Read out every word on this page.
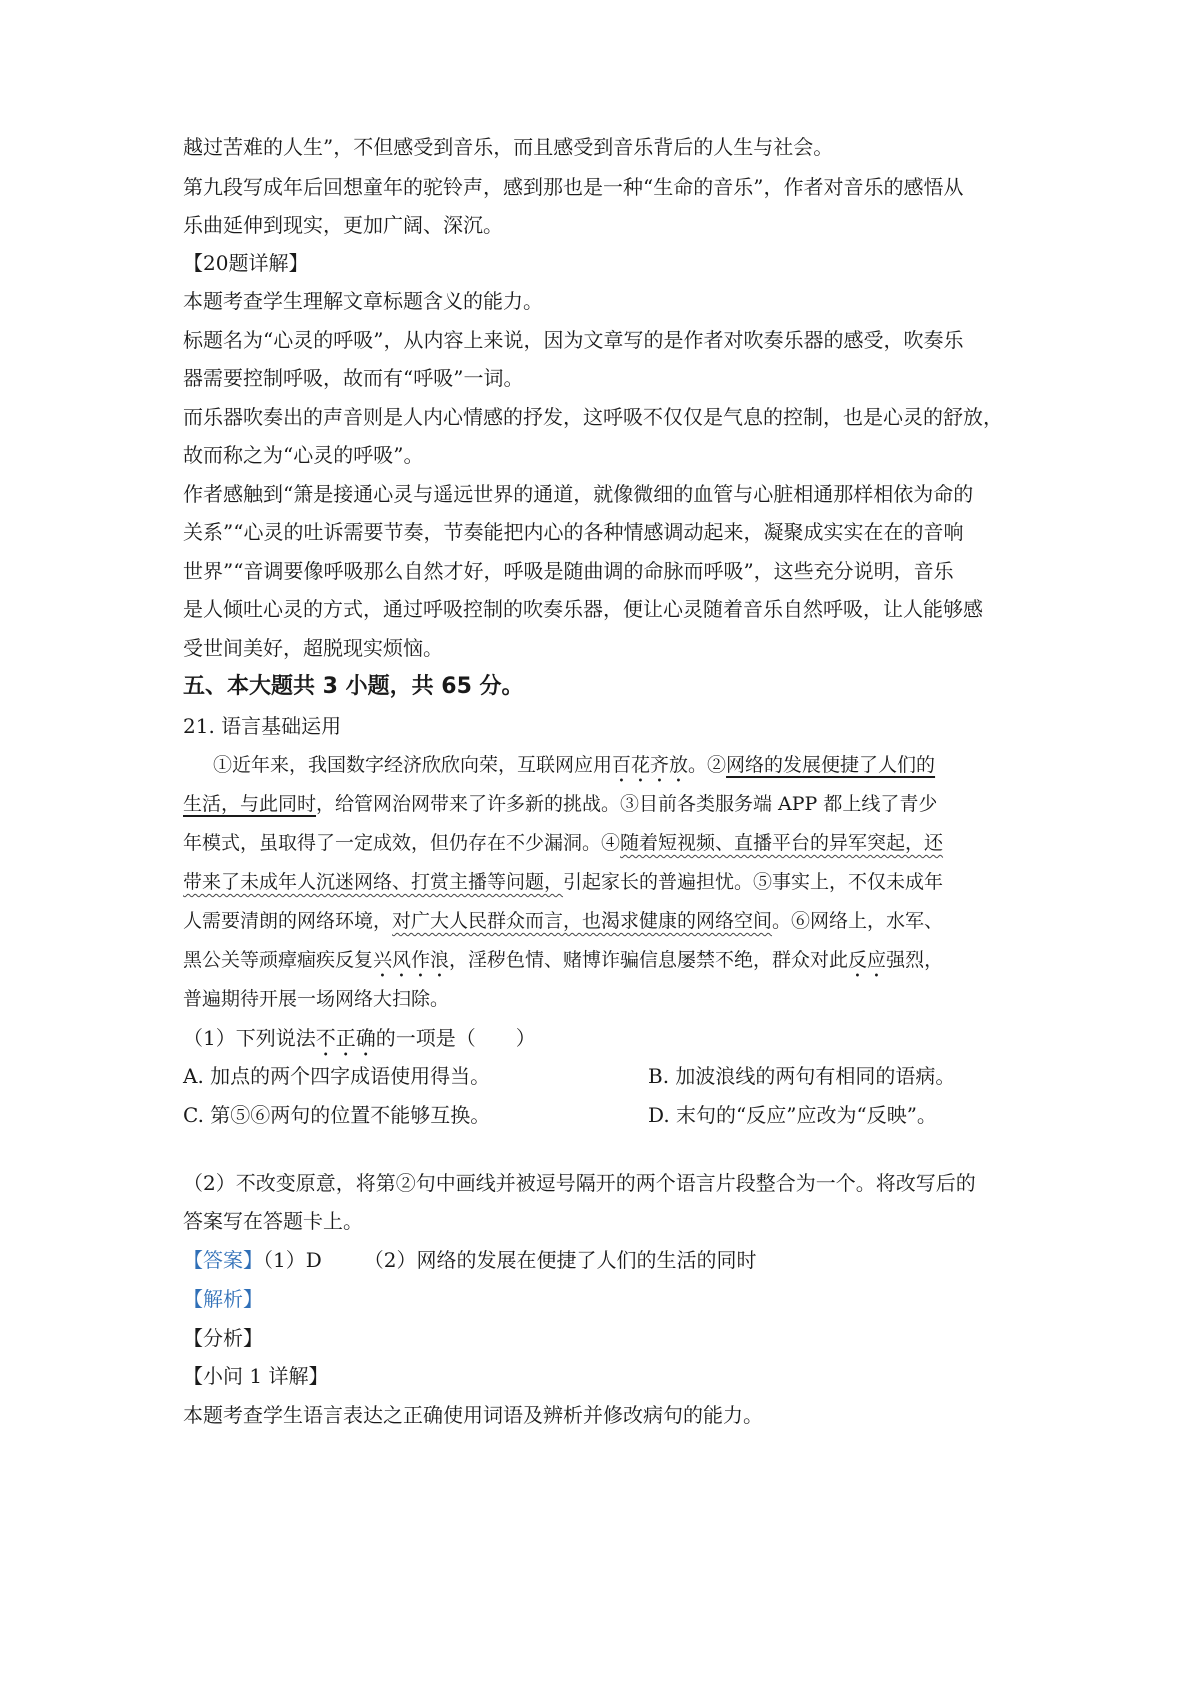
越过苦难的人生”，不但感受到音乐，而且感受到音乐背后的人生与社会。
第九段写成年后回想童年的驼铃声，感到那也是一种“生命的音乐”，作者对音乐的感悟从
乐曲延伸到现实，更加广阔、深沉。
【20题详解】
本题考查学生理解文章标题含义的能力。
标题名为“心灵的呼吸”，从内容上来说，因为文章写的是作者对吹奏乐器的感受，吹奏乐
器需要控制呼吸，故而有“呼吸”一词。
而乐器吹奏出的声音则是人内心情感的抒发，这呼吸不仅仅是气息的控制，也是心灵的舒放，
故而称之为“心灵的呼吸”。
作者感触到“箫是接通心灵与遥远世界的通道，就像微细的血管与心脏相通那样相依为命的
关系”“心灵的吐诉需要节奏，节奏能把内心的各种情感调动起来，凝聚成实实在在的音响
世界”“音调要像呼吸那么自然才好，呼吸是随曲调的命脉而呼吸”，这些充分说明，音乐
是人倾吐心灵的方式，通过呼吸控制的吹奏乐器，便让心灵随着音乐自然呼吸，让人能够感
受世间美好，超脱现实烦恼。
五、本大题共 3 小题，共 65 分。
21. 语言基础运用
①近年来，我国数字经济欣欣向荣，互联网应用百花齐放。②网络的发展便捷了人们的
生活，与此同时，给管网治网带来了许多新的挑战。③目前各类服务端 APP 都上线了青少
年模式，虽取得了一定成效，但仍存在不少漏洞。④随着短视频、直播平台的异军突起，还
带来了未成年人沉迷网络、打赏主播等问题，引起家长的普遍担忧。⑤事实上，不仅未成年
人需要清朗的网络环境，对广大人民群众而言，也渴求健康的网络空间。⑥网络上，水军、
黑公关等顽瘴痼疾反复兴风作浪，淫秽色情、赌博诈骗信息屡禁不绝，群众对此反应强烈，
普遍期待开展一场网络大扫除。
（1）下列说法不正确的一项是（　　）
A. 加点的两个四字成语使用得当。	B. 加波浪线的两句有相同的语病。
C. 第⑤⑥两句的位置不能够互换。	D. 末句的“反应”应改为“反映”。
（2）不改变原意，将第②句中画线并被逗号隔开的两个语言片段整合为一个。将改写后的
答案写在答题卡上。
【答案】（1）D （2）网络的发展在便捷了人们的生活的同时
【解析】
【分析】
【小问 1 详解】
本题考查学生语言表达之正确使用词语及辨析并修改病句的能力。
